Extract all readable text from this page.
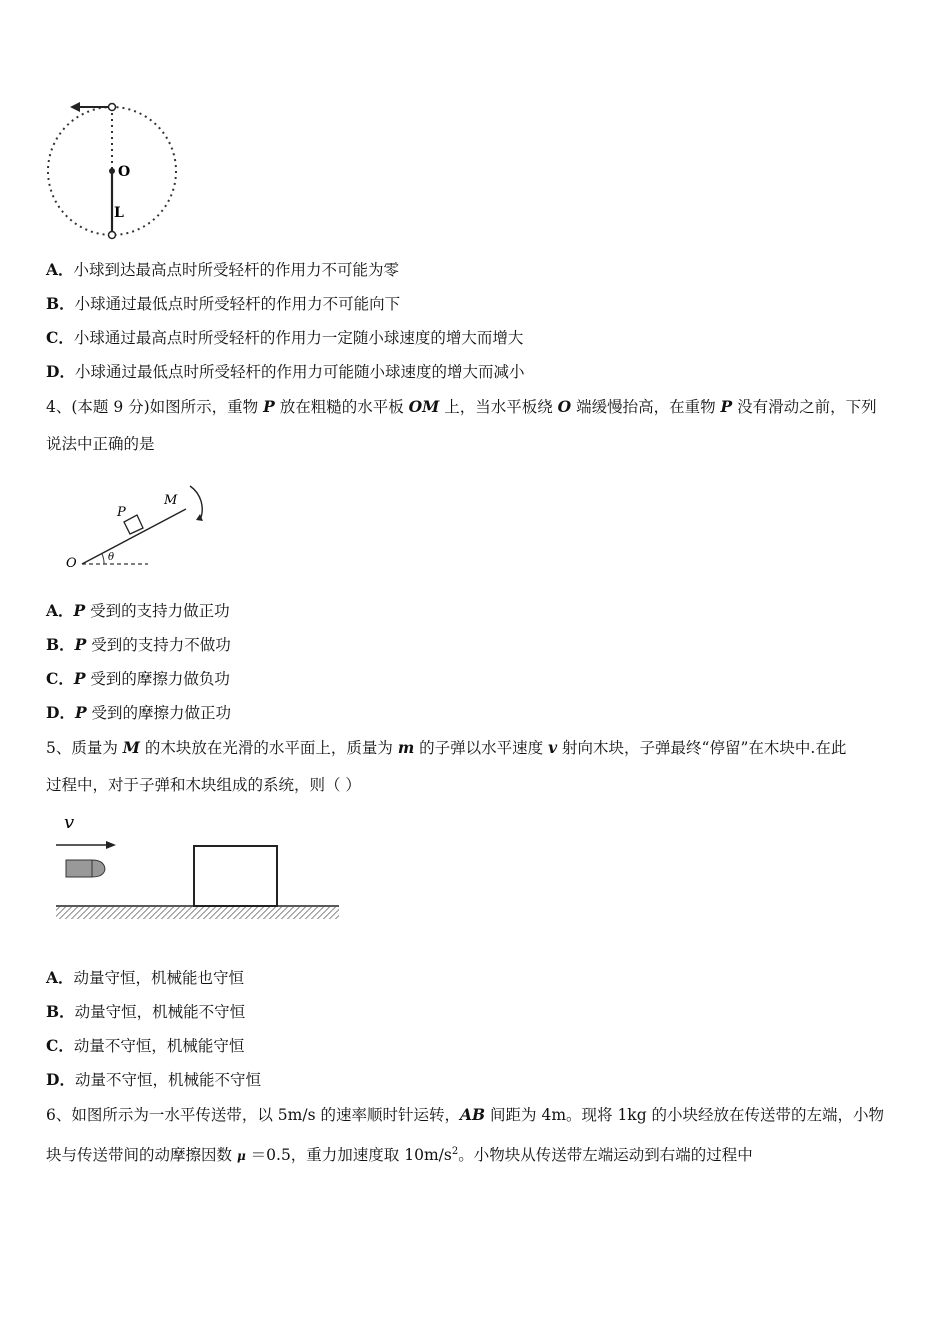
O
L
A．小球到达最高点时所受轻杆的作用力不可能为零
B．小球通过最低点时所受轻杆的作用力不可能向下
C．小球通过最高点时所受轻杆的作用力一定随小球速度的增大而增大
D．小球通过最低点时所受轻杆的作用力可能随小球速度的增大而减小
4、(本题 9 分)如图所示，重物 P 放在粗糙的水平板 OM 上，当水平板绕 O 端缓慢抬高，在重物 P 没有滑动之前，下列
说法中正确的是
O
P
M
θ
A．P 受到的支持力做正功
B．P 受到的支持力不做功
C．P 受到的摩擦力做负功
D．P 受到的摩擦力做正功
5、质量为 M 的木块放在光滑的水平面上，质量为 m 的子弹以水平速度 v 射向木块，子弹最终“停留”在木块中.在此
过程中，对于子弹和木块组成的系统，则（ ）
v
A．动量守恒，机械能也守恒
B．动量守恒，机械能不守恒
C．动量不守恒，机械能守恒
D．动量不守恒，机械能不守恒
6、如图所示为一水平传送带，以 5m/s 的速率顺时针运转，AB 间距为 4m。现将 1kg 的小块经放在传送带的左端，小物
块与传送带间的动摩擦因数 μ ＝0.5，重力加速度取 $10m/s^2$。小物块从传送带左端运动到右端的过程中
